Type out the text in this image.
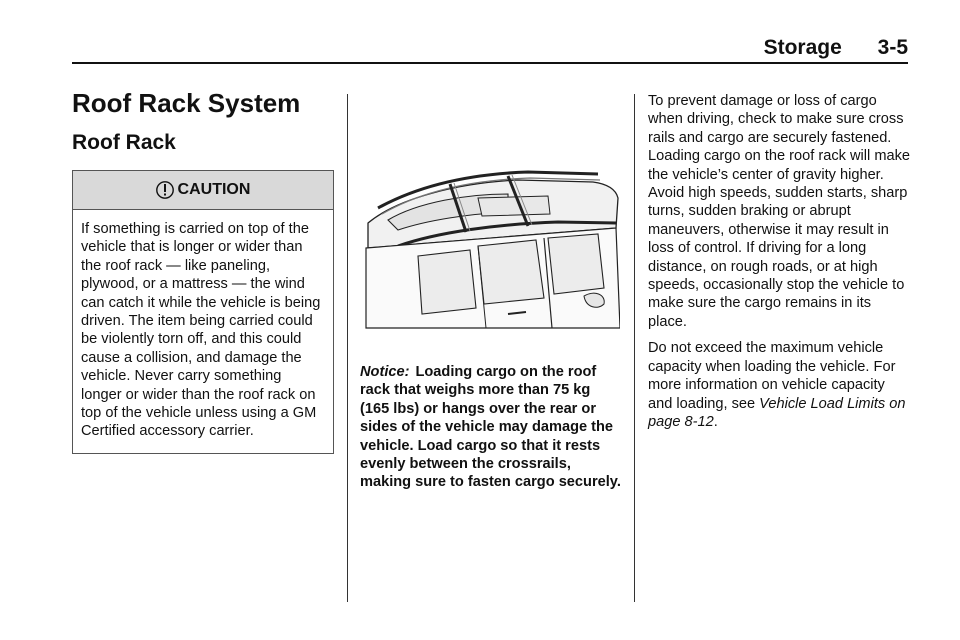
Storage 3-5
Roof Rack System
Roof Rack
CAUTION
If something is carried on top of the vehicle that is longer or wider than the roof rack — like paneling, plywood, or a mattress — the wind can catch it while the vehicle is being driven. The item being carried could be violently torn off, and this could cause a collision, and damage the vehicle. Never carry something longer or wider than the roof rack on top of the vehicle unless using a GM Certified accessory carrier.
Notice: Loading cargo on the roof rack that weighs more than 75 kg (165 lbs) or hangs over the rear or sides of the vehicle may damage the vehicle. Load cargo so that it rests evenly between the crossrails, making sure to fasten cargo securely.

To prevent damage or loss of cargo when driving, check to make sure cross rails and cargo are securely fastened. Loading cargo on the roof rack will make the vehicle’s center of gravity higher. Avoid high speeds, sudden starts, sharp turns, sudden braking or abrupt maneuvers, otherwise it may result in loss of control. If driving for a long distance, on rough roads, or at high speeds, occasionally stop the vehicle to make sure the cargo remains in its place.

Do not exceed the maximum vehicle capacity when loading the vehicle. For more information on vehicle capacity and loading, see Vehicle Load Limits on page 8-12.
